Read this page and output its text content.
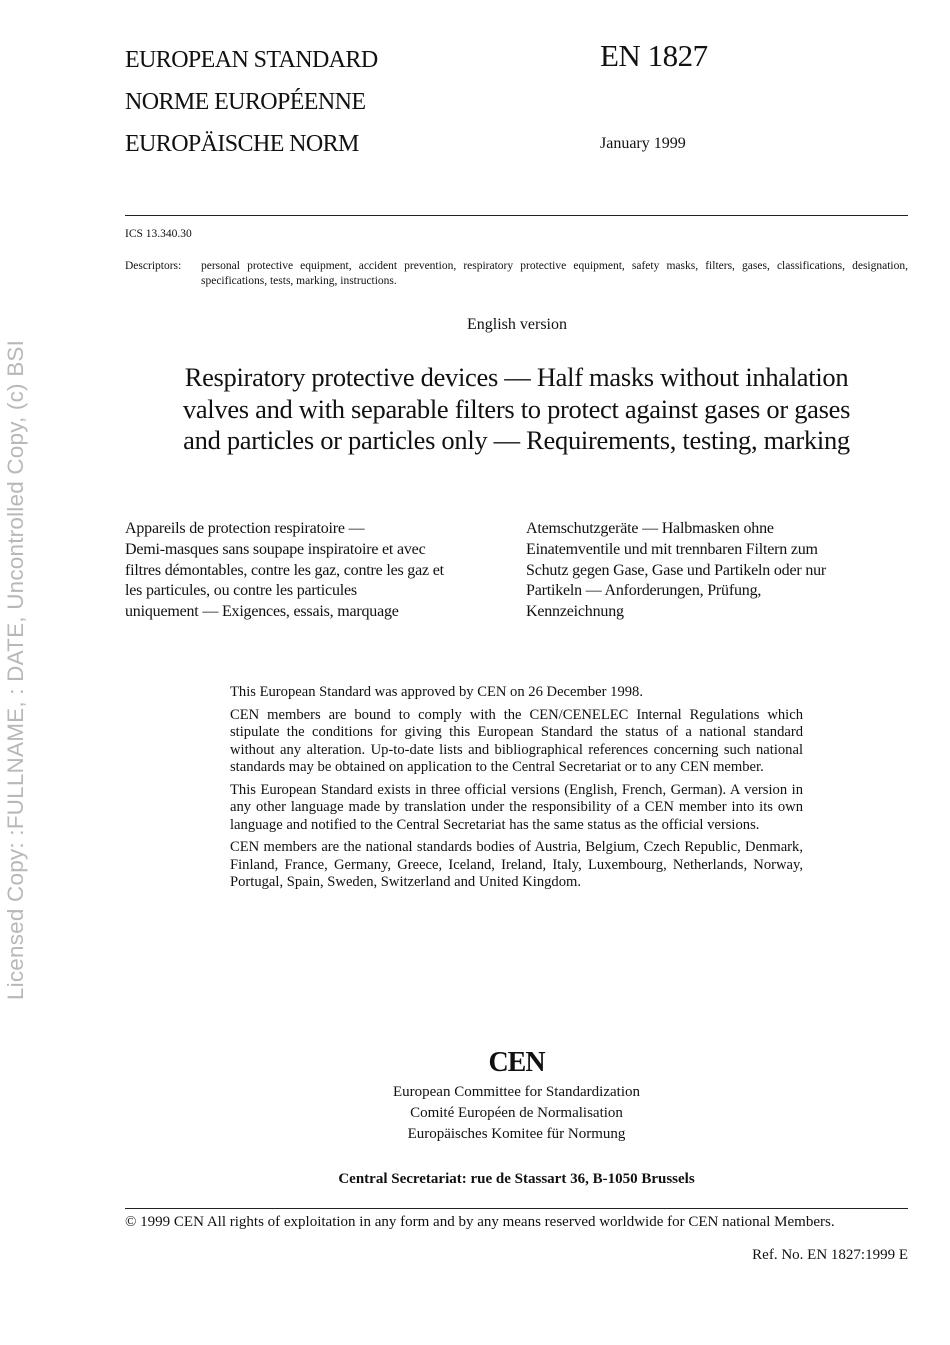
Licensed Copy: :FULLNAME, : DATE, Uncontrolled Copy, (c) BSI
EUROPEAN STANDARD
NORME EUROPÉENNE
EUROPÄISCHE NORM
EN 1827
January 1999
ICS 13.340.30
Descriptors:	personal protective equipment, accident prevention, respiratory protective equipment, safety masks, filters, gases, classifications, designation, specifications, tests, marking, instructions.
English version
Respiratory protective devices — Half masks without inhalation
valves and with separable filters to protect against gases or gases
and particles or particles only — Requirements, testing, marking
Appareils de protection respiratoire —
Demi-masques sans soupape inspiratoire et avec
filtres démontables, contre les gaz, contre les gaz et
les particules, ou contre les particules
uniquement — Exigences, essais, marquage
Atemschutzgeräte — Halbmasken ohne
Einatemventile und mit trennbaren Filtern zum
Schutz gegen Gase, Gase und Partikeln oder nur
Partikeln — Anforderungen, Prüfung,
Kennzeichnung

This European Standard was approved by CEN on 26 December 1998.

CEN members are bound to comply with the CEN/CENELEC Internal Regulations which stipulate the conditions for giving this European Standard the status of a national standard without any alteration. Up-to-date lists and bibliographical references concerning such national standards may be obtained on application to the Central Secretariat or to any CEN member.

This European Standard exists in three official versions (English, French, German). A version in any other language made by translation under the responsibility of a CEN member into its own language and notified to the Central Secretariat has the same status as the official versions.

CEN members are the national standards bodies of Austria, Belgium, Czech Republic, Denmark, Finland, France, Germany, Greece, Iceland, Ireland, Italy, Luxembourg, Netherlands, Norway, Portugal, Spain, Sweden, Switzerland and United Kingdom.

CEN
European Committee for Standardization
Comité Européen de Normalisation
Europäisches Komitee für Normung
Central Secretariat: rue de Stassart 36, B-1050 Brussels
© 1999 CEN All rights of exploitation in any form and by any means reserved worldwide for CEN national Members.
Ref. No. EN 1827:1999 E
